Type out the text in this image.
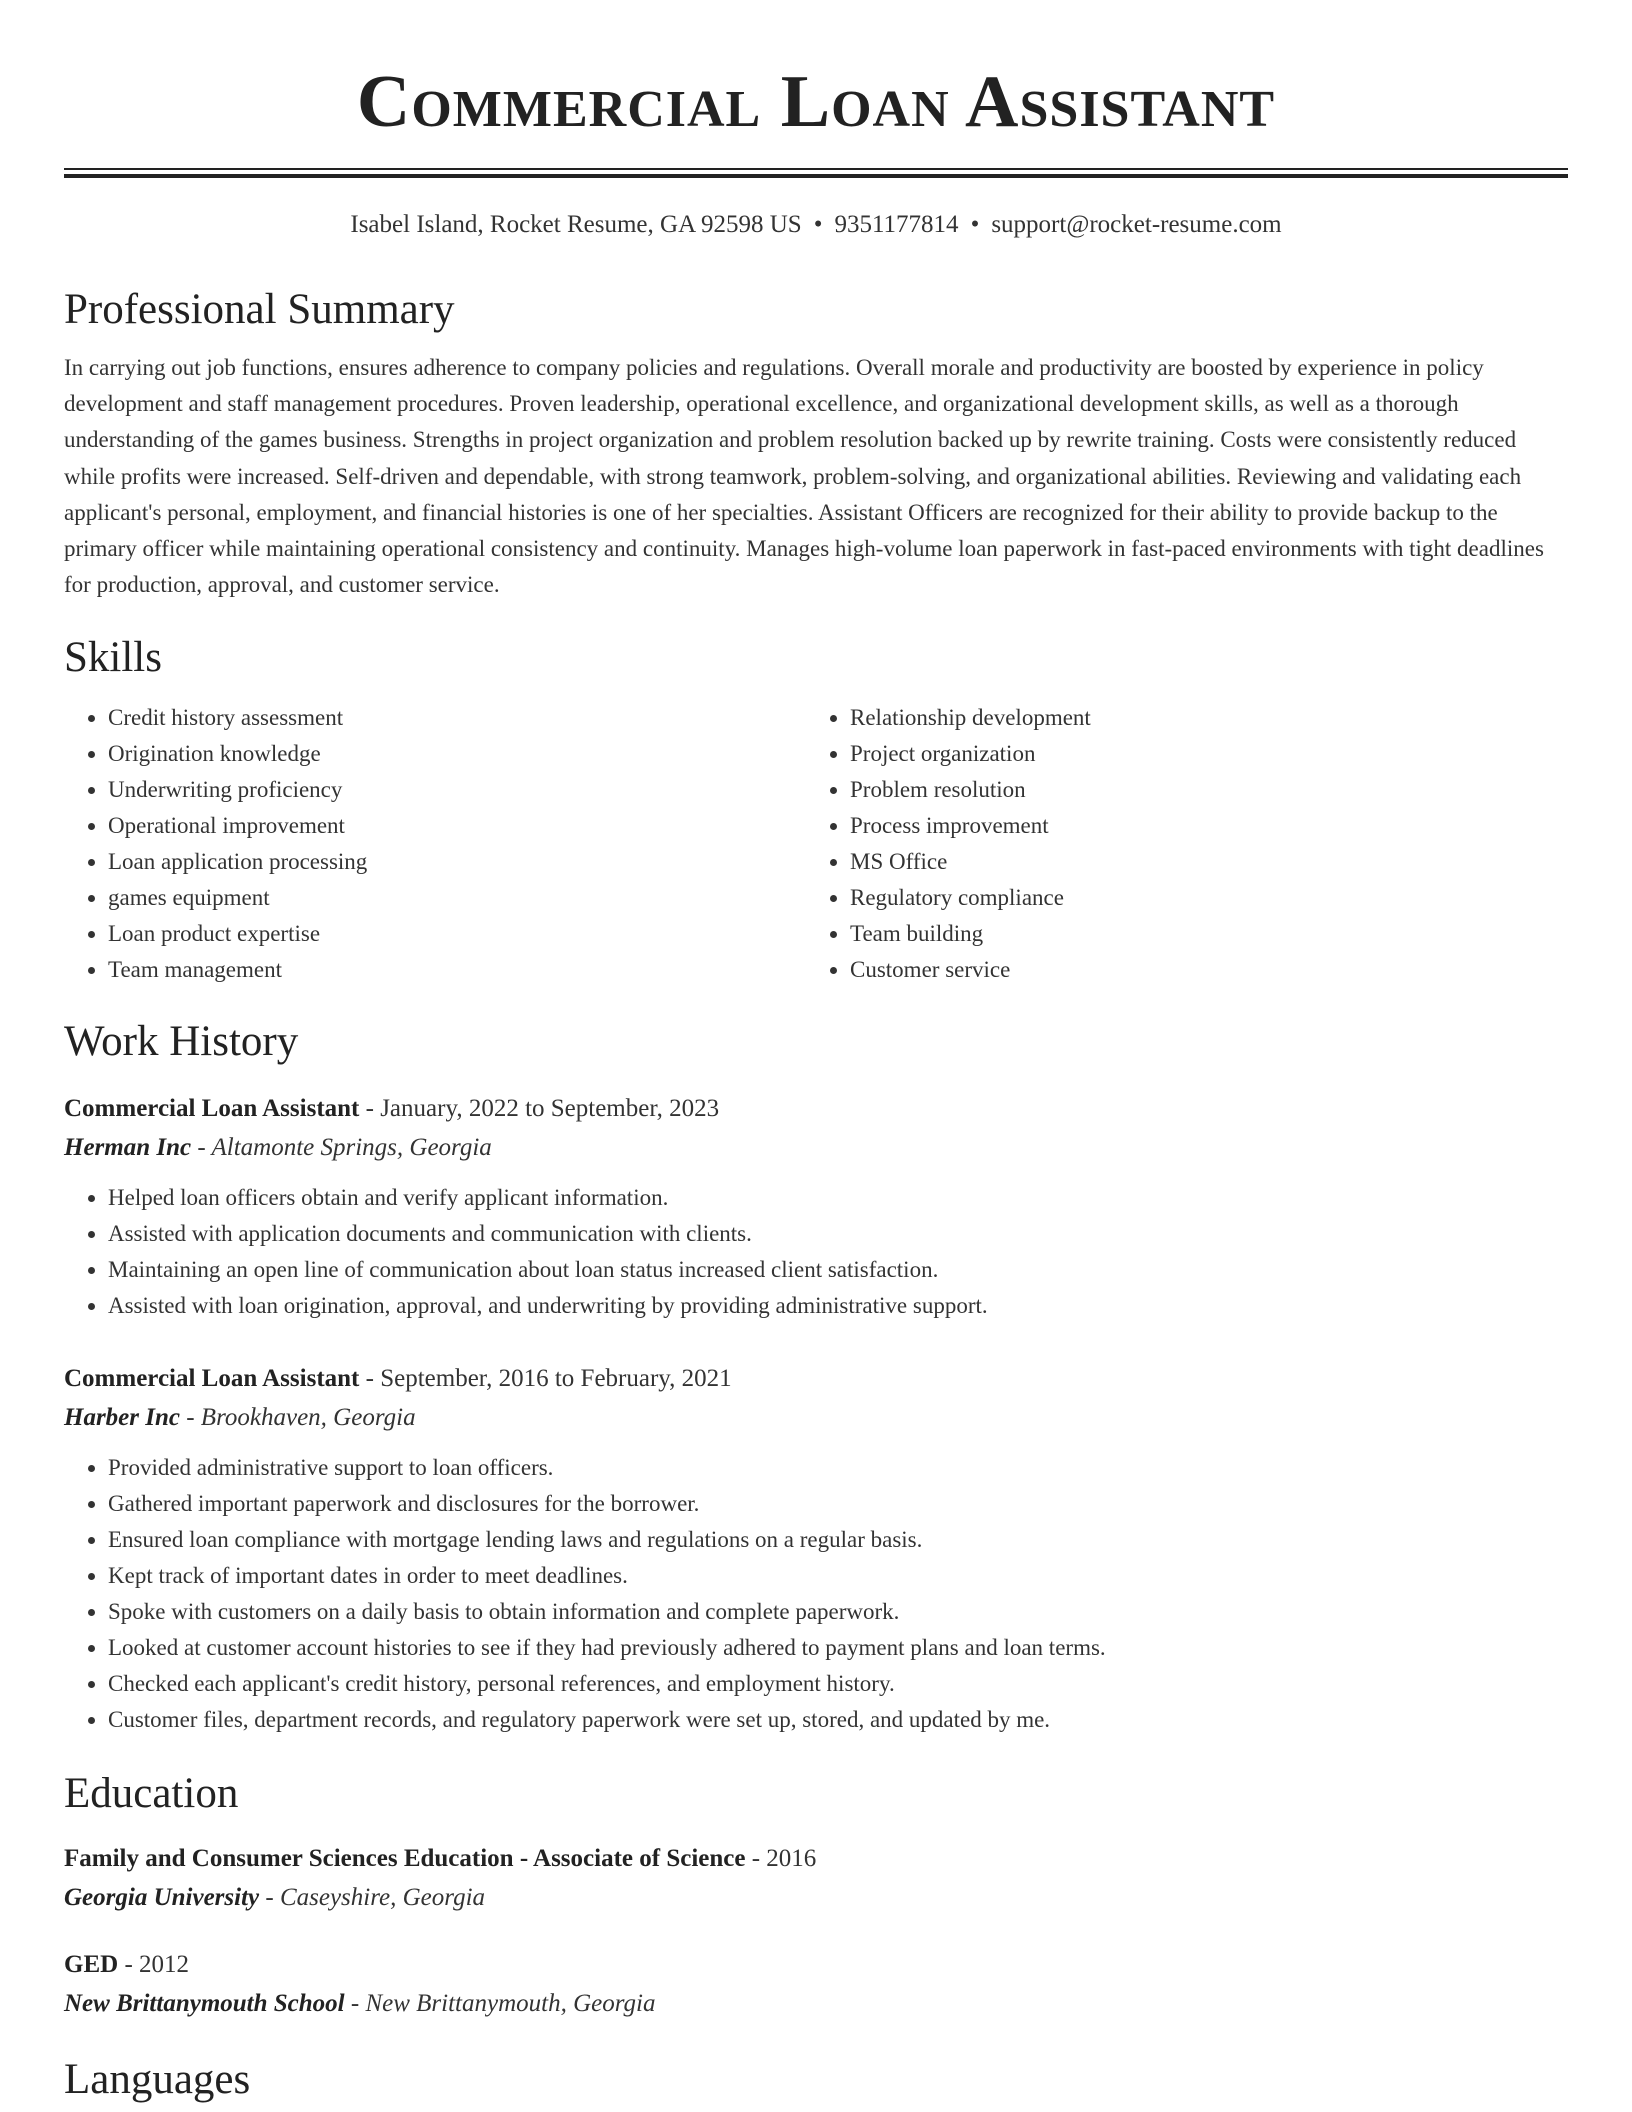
Commercial Loan Assistant
Isabel Island, Rocket Resume, GA 92598 US • 9351177814 • support@rocket-resume.com
Professional Summary

In carrying out job functions, ensures adherence to company policies and regulations. Overall morale and productivity are boosted by experience in policy development and staff management procedures. Proven leadership, operational excellence, and organizational development skills, as well as a thorough understanding of the games business. Strengths in project organization and problem resolution backed up by rewrite training. Costs were consistently reduced while profits were increased. Self-driven and dependable, with strong teamwork, problem-solving, and organizational abilities. Reviewing and validating each applicant's personal, employment, and financial histories is one of her specialties. Assistant Officers are recognized for their ability to provide backup to the primary officer while maintaining operational consistency and continuity. Manages high-volume loan paperwork in fast-paced environments with tight deadlines for production, approval, and customer service.

Skills
• Credit history assessment
• Origination knowledge
• Underwriting proficiency
• Operational improvement
• Loan application processing
• games equipment
• Loan product expertise
• Team management
• Relationship development
• Project organization
• Problem resolution
• Process improvement
• MS Office
• Regulatory compliance
• Team building
• Customer service
Work History
Commercial Loan Assistant - January, 2022 to September, 2023
Herman Inc - Altamonte Springs, Georgia
• Helped loan officers obtain and verify applicant information.
• Assisted with application documents and communication with clients.
• Maintaining an open line of communication about loan status increased client satisfaction.
• Assisted with loan origination, approval, and underwriting by providing administrative support.
Commercial Loan Assistant - September, 2016 to February, 2021
Harber Inc - Brookhaven, Georgia
• Provided administrative support to loan officers.
• Gathered important paperwork and disclosures for the borrower.
• Ensured loan compliance with mortgage lending laws and regulations on a regular basis.
• Kept track of important dates in order to meet deadlines.
• Spoke with customers on a daily basis to obtain information and complete paperwork.
• Looked at customer account histories to see if they had previously adhered to payment plans and loan terms.
• Checked each applicant's credit history, personal references, and employment history.
• Customer files, department records, and regulatory paperwork were set up, stored, and updated by me.
Education
Family and Consumer Sciences Education - Associate of Science - 2016
Georgia University - Caseyshire, Georgia
GED - 2012
New Brittanymouth School - New Brittanymouth, Georgia
Languages
